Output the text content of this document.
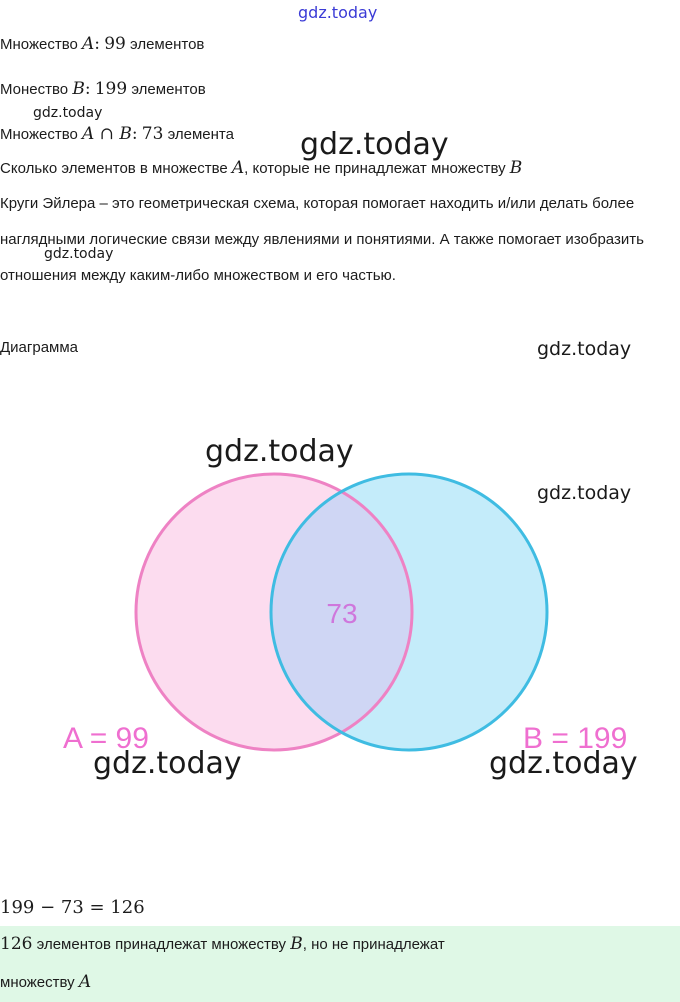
gdz.today
Множество A: 99 элементов
Монество B: 199 элементов
gdz.today
Множество A ∩ B: 73 элемента gdz.today
Сколько элементов в множестве A, которые не принадлежат множеству B
Круги Эйлера – это геометрическая схема, которая помогает находить и/или делать более наглядными логические связи между явлениями и понятиями. А также помогает изобразить отношения между каким-либо множеством и его частью.
gdz.today
Диаграмма	gdz.today
73
A = 99	B = 199
gdz.today
gdz.today
gdz.today	gdz.today
199 − 73 = 126
126 элементов принадлежат множеству B, но не принадлежат
множеству A
